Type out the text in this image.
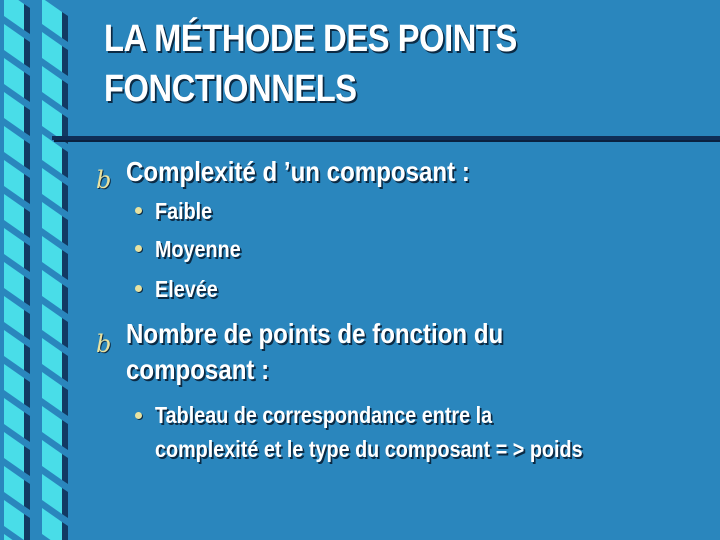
LA MÉTHODE DES POINTS
FONCTIONNELS
b Complexité d ’un composant :
Faible
Moyenne
Elevée
b Nombre de points de fonction du
composant :
Tableau de correspondance entre la
complexité et le type du composant = > poids
